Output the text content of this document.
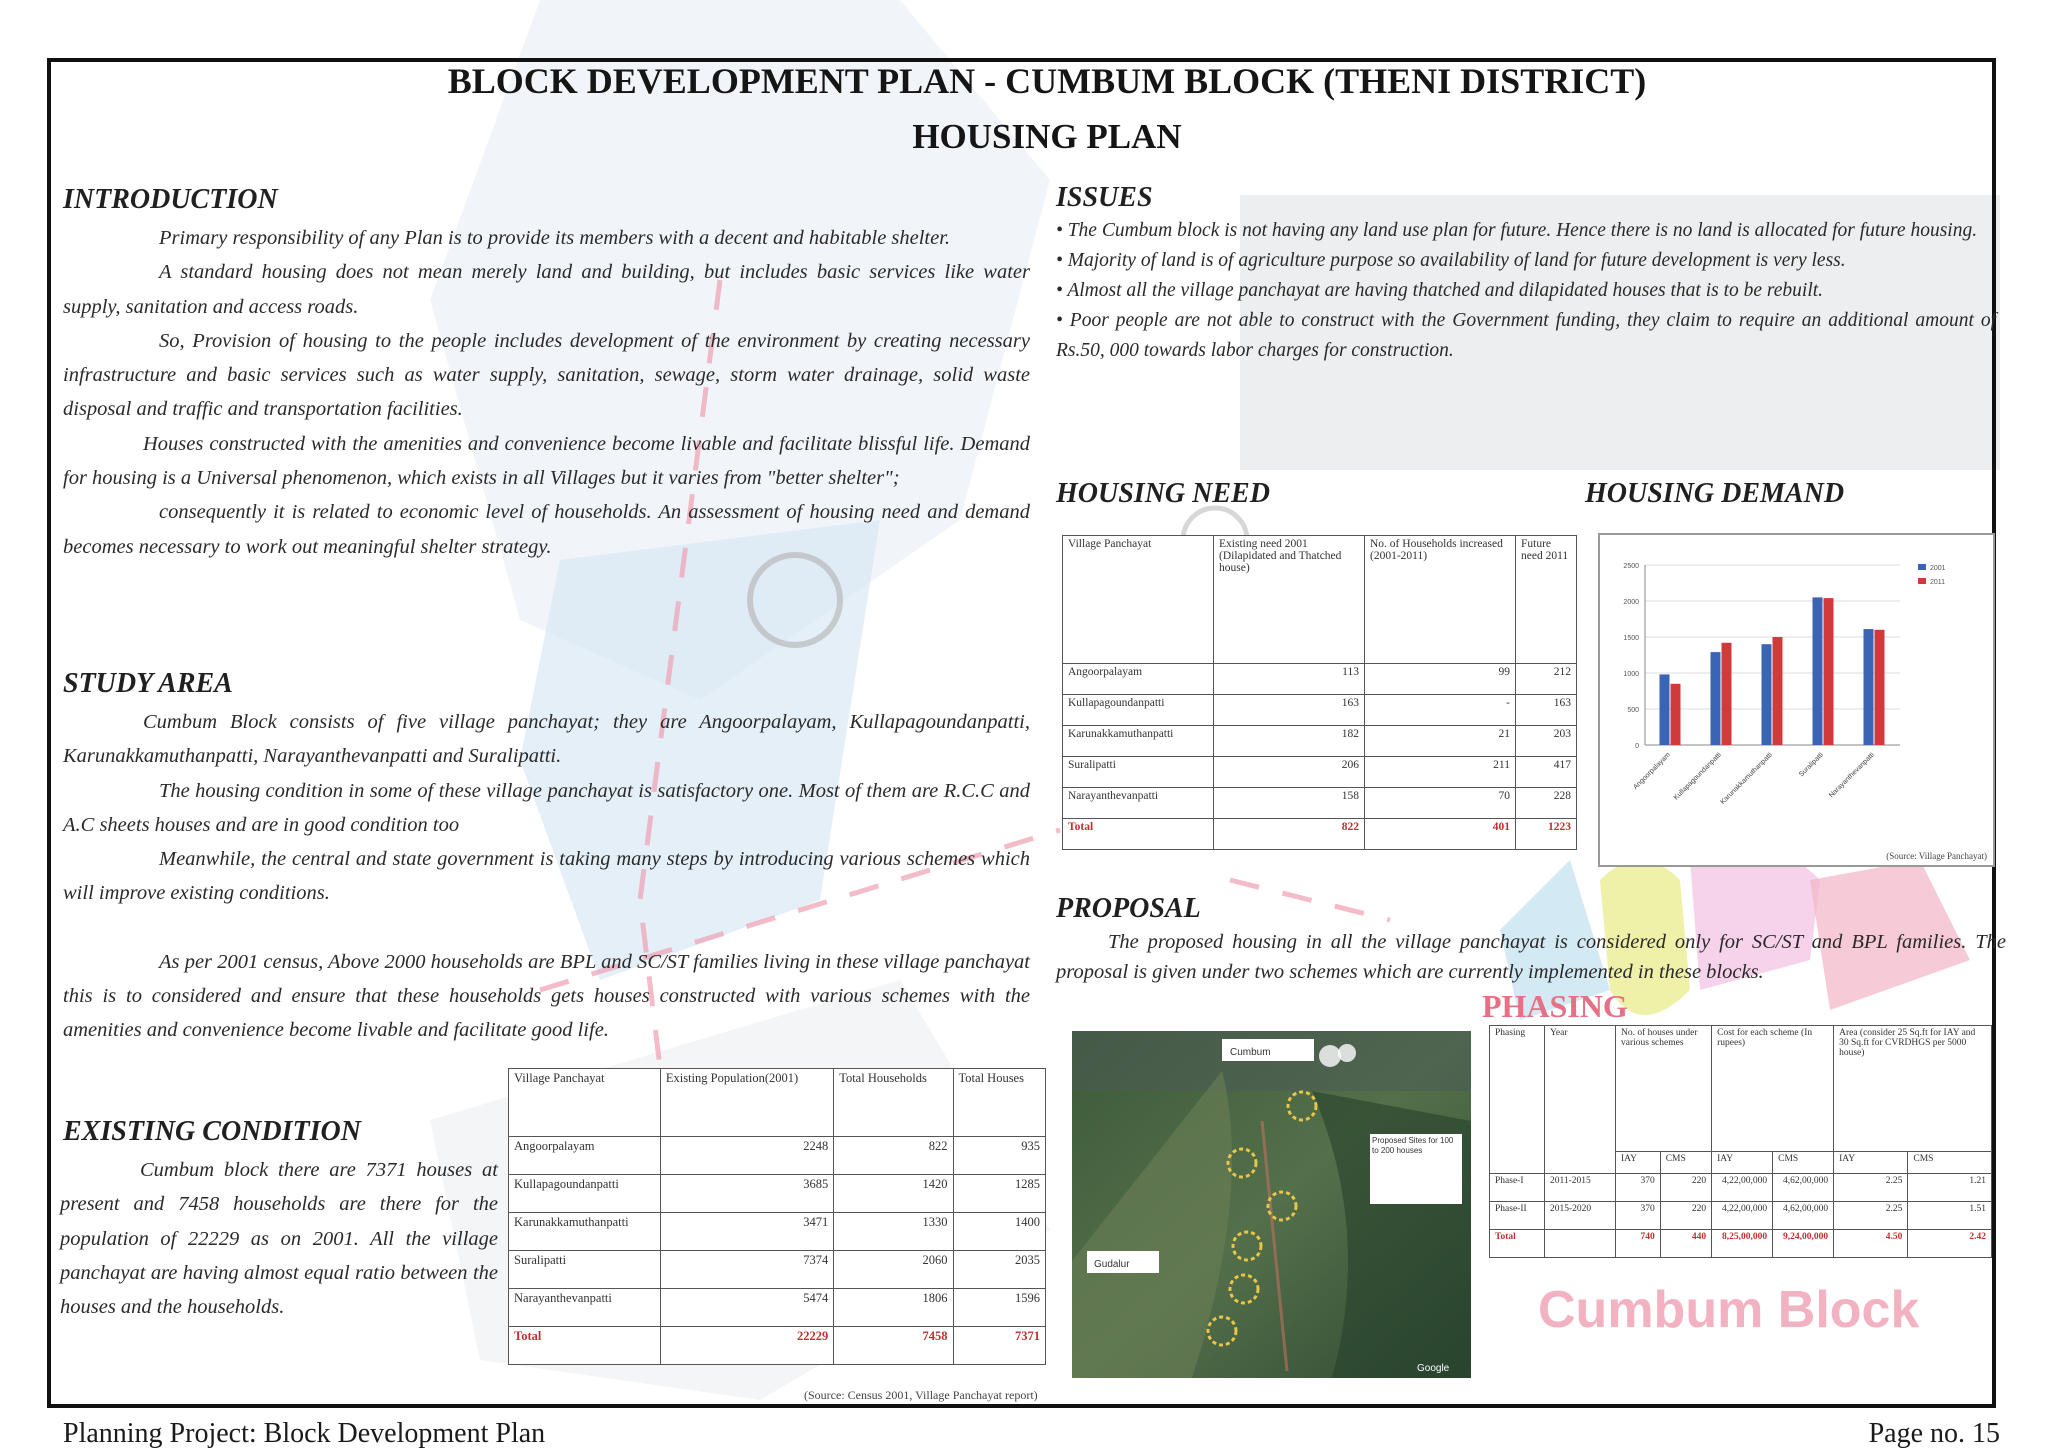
BLOCK DEVELOPMENT PLAN - CUMBUM BLOCK (THENI DISTRICT)
HOUSING PLAN
INTRODUCTION

Primary responsibility of any Plan is to provide its members with a decent and habitable shelter.

A standard housing does not mean merely land and building, but includes basic services like water supply, sanitation and access roads.

So, Provision of housing to the people includes development of the environment by creating necessary infrastructure and basic services such as water supply, sanitation, sewage, storm water drainage, solid waste disposal and traffic and transportation facilities.

Houses constructed with the amenities and convenience become livable and facilitate blissful life. Demand for housing is a Universal phenomenon, which exists in all Villages but it varies from "better shelter";

consequently it is related to economic level of households. An assessment of housing need and demand becomes necessary to work out meaningful shelter strategy.

STUDY AREA

Cumbum Block consists of five village panchayat; they are Angoorpalayam, Kullapagoundanpatti, Karunakkamuthanpatti, Narayanthevanpatti and Suralipatti.

The housing condition in some of these village panchayat is satisfactory one. Most of them are R.C.C and A.C sheets houses and are in good condition too

Meanwhile, the central and state government is taking many steps by introducing various schemes which will improve existing conditions.

As per 2001 census, Above 2000 households are BPL and SC/ST families living in these village panchayat this is to considered and ensure that these households gets houses constructed with various schemes with the amenities and convenience become livable and facilitate good life.

EXISTING CONDITION

Cumbum block there are 7371 houses at present and 7458 households are there for the population of 22229 as on 2001. All the village panchayat are having almost equal ratio between the houses and the households.

Village Panchayat	Existing Population(2001)	Total Households	Total Houses
Angoorpalayam	2248	822	935
Kullapagoundanpatti	3685	1420	1285
Karunakkamuthanpatti	3471	1330	1400
Suralipatti	7374	2060	2035
Narayanthevanpatti	5474	1806	1596
Total	22229	7458	7371
(Source: Census 2001, Village Panchayat report)
ISSUES

• The Cumbum block is not having any land use plan for future. Hence there is no land is allocated for future housing.

• Majority of land is of agriculture purpose so availability of land for future development is very less.

• Almost all the village panchayat are having thatched and dilapidated houses that is to be rebuilt.

• Poor people are not able to construct with the Government funding, they claim to require an additional amount of Rs.50, 000 towards labor charges for construction.

HOUSING NEED
Village Panchayat	Existing need 2001 (Dilapidated and Thatched house)	No. of Households increased (2001-2011)	Future need 2011
Angoorpalayam	113	99	212
Kullapagoundanpatti	163	-	163
Karunakkamuthanpatti	182	21	203
Suralipatti	206	211	417
Narayanthevanpatti	158	70	228
Total	822	401	1223
HOUSING DEMAND
0
500
1000
1500
2000
2500
Angoorpalayam Kullapagoundanpatti
Karunakkamuthanpatti	Suralipatti Narayanthevanpatti
2001
2011
(Source: Village Panchayat)
PROPOSAL

The proposed housing in all the village panchayat is considered only for SC/ST and BPL families. The proposal is given under two schemes which are currently implemented in these blocks.

Cumbum
Gudalur
Proposed Sites for 100 to 200 houses
Google
PHASING
Phasing	Year	No. of houses under various schemes		Cost for each scheme (In rupees)		Area (consider 25 Sq.ft for IAY and 30 Sq.ft for CVRDHGS per 5000 house)	
		IAY	CMS	IAY	CMS	IAY	CMS
Phase-I	2011-2015	370	220	4,22,00,000	4,62,00,000	2.25	1.21
Phase-II	2015-2020	370	220	4,22,00,000	4,62,00,000	2.25	1.51
Total		740	440	8,25,00,000	9,24,00,000	4.50	2.42
Cumbum Block
Planning Project: Block Development Plan	Page no. 15
